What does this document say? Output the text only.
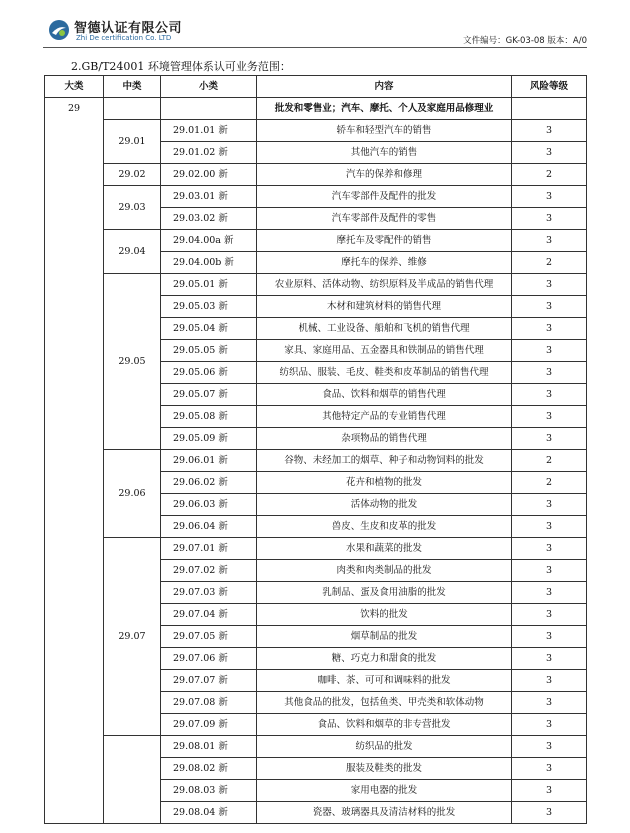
智德认证有限公司
Zhi De certification Co. LTD	文件编号：GK-03-08 版本：A/0
2.GB/T24001 环境管理体系认可业务范围：
大类	中类	小类	内容	风险等级
29			批发和零售业；汽车、摩托、个人及家庭用品修理业	
	29.01	29.01.01 新	轿车和轻型汽车的销售	3
		29.01.02 新	其他汽车的销售	3
	29.02	29.02.00 新	汽车的保养和修理	2
	29.03	29.03.01 新	汽车零部件及配件的批发	3
		29.03.02 新	汽车零部件及配件的零售	3
	29.04	29.04.00a 新	摩托车及零配件的销售	3
		29.04.00b 新	摩托车的保养、维修	2
	29.05	29.05.01 新	农业原料、活体动物、纺织原料及半成品的销售代理	3
		29.05.03 新	木材和建筑材料的销售代理	3
		29.05.04 新	机械、工业设备、船舶和飞机的销售代理	3
		29.05.05 新	家具、家庭用品、五金器具和铁制品的销售代理	3
		29.05.06 新	纺织品、服装、毛皮、鞋类和皮革制品的销售代理	3
		29.05.07 新	食品、饮料和烟草的销售代理	3
		29.05.08 新	其他特定产品的专业销售代理	3
		29.05.09 新	杂项物品的销售代理	3
	29.06	29.06.01 新	谷物、未经加工的烟草、种子和动物饲料的批发	2
		29.06.02 新	花卉和植物的批发	2
		29.06.03 新	活体动物的批发	3
		29.06.04 新	兽皮、生皮和皮革的批发	3
	29.07	29.07.01 新	水果和蔬菜的批发	3
		29.07.02 新	肉类和肉类制品的批发	3
		29.07.03 新	乳制品、蛋及食用油脂的批发	3
		29.07.04 新	饮料的批发	3
		29.07.05 新	烟草制品的批发	3
		29.07.06 新	糖、巧克力和甜食的批发	3
		29.07.07 新	咖啡、茶、可可和调味料的批发	3
		29.07.08 新	其他食品的批发，包括鱼类、甲壳类和软体动物	3
		29.07.09 新	食品、饮料和烟草的非专营批发	3
		29.08.01 新	纺织品的批发	3
		29.08.02 新	服装及鞋类的批发	3
		29.08.03 新	家用电器的批发	3
		29.08.04 新	瓷器、玻璃器具及清洁材料的批发	3
